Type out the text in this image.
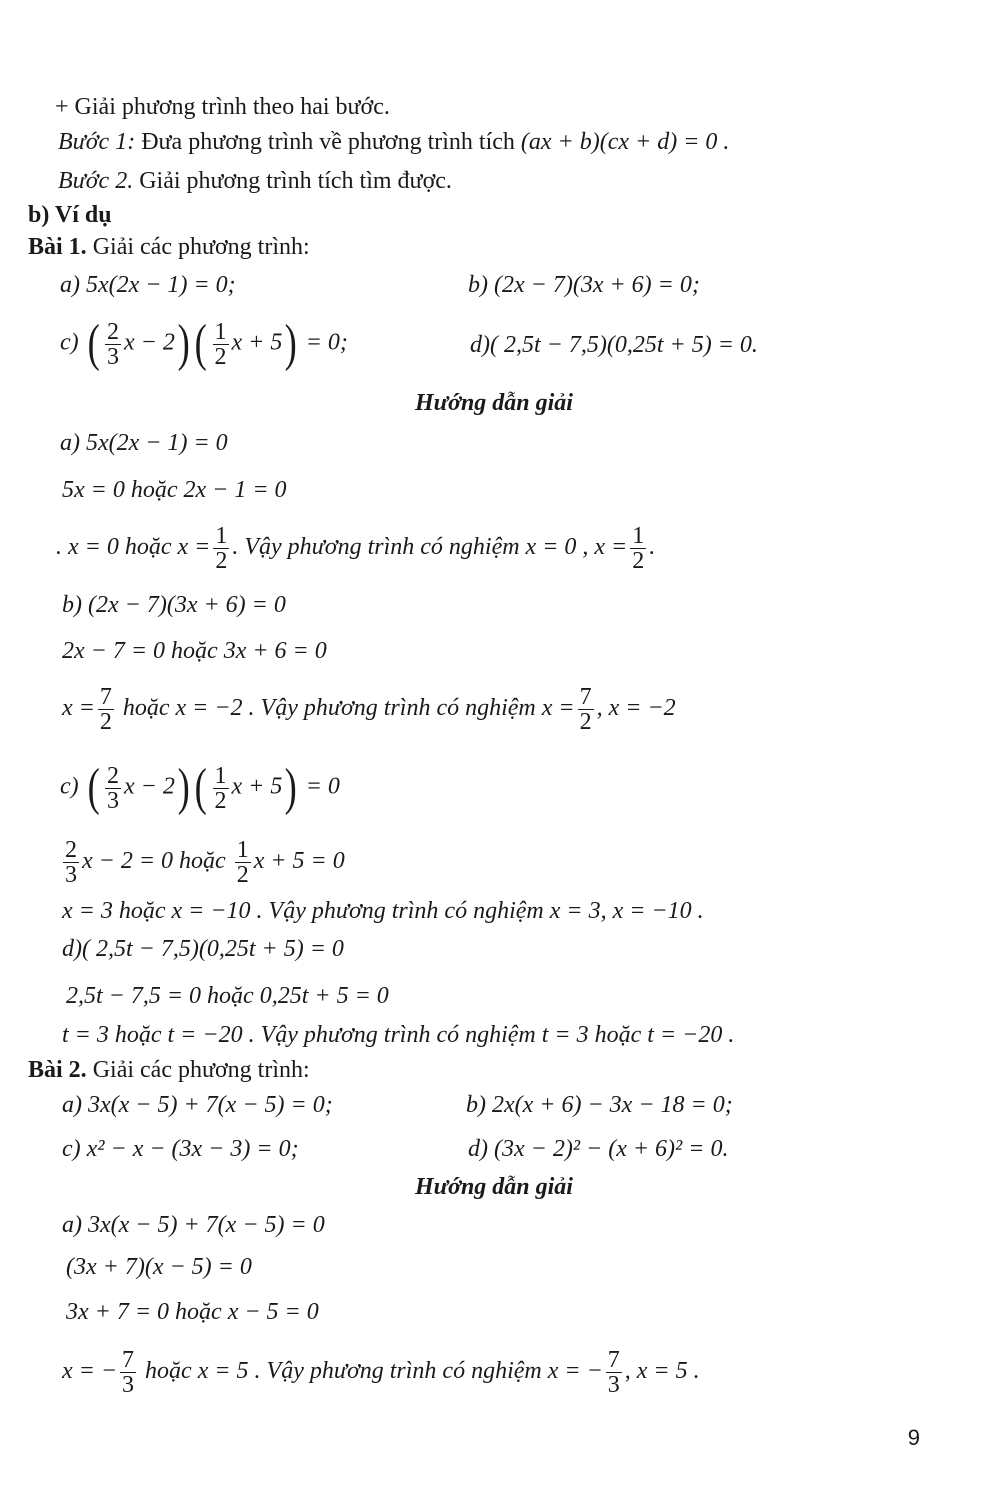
+ Giải phương trình theo hai bước.
Bước 1: Đưa phương trình về phương trình tích (ax + b)(cx + d) = 0 .
Bước 2. Giải phương trình tích tìm được.
b) Ví dụ
Bài 1. Giải các phương trình:
a) 5x(2x − 1) = 0;	b) (2x − 7)(3x + 6) = 0;
c) ( $\frac{2}{3}$ $x - 2)( \frac{1}{2}$ x + 5) = 0;	d)( 2,5t − 7,5)(0,25t + 5) = 0.
Hướng dẫn giải
a) 5x(2x − 1) = 0
5x = 0 hoặc 2x − 1 = 0
. x = 0 hoặc $x = \frac{1}{2}$ . Vậy phương trình có nghiệm x = 0 , $x = \frac{1}{2}$ .
b) (2x − 7)(3x + 6) = 0
2x − 7 = 0 hoặc 3x + 6 = 0
$x = \frac{7}{2}$ hoặc x = −2 . Vậy phương trình có nghiệm $x = \frac{7}{2}$ , x = −2
c) ( $\frac{2}{3}$ $x - 2)( \frac{1}{2}$ x + 5) = 0
$\frac{2}{3}$ x − 2 = 0 hoặc $\frac{1}{2}$ x + 5 = 0
x = 3 hoặc x = −10 . Vậy phương trình có nghiệm x = 3, x = −10 .
d)( 2,5t − 7,5)(0,25t + 5) = 0
2,5t − 7,5 = 0 hoặc 0,25t + 5 = 0
t = 3 hoặc t = −20 . Vậy phương trình có nghiệm t = 3 hoặc t = −20 .
Bài 2. Giải các phương trình:
a) 3x(x − 5) + 7(x − 5) = 0;	b) 2x(x + 6) − 3x − 18 = 0;
c) x² − x − (3x − 3) = 0;	d) (3x − 2)² − (x + 6)² = 0.
Hướng dẫn giải
a) 3x(x − 5) + 7(x − 5) = 0
(3x + 7)(x − 5) = 0
3x + 7 = 0 hoặc x − 5 = 0
x = − $\frac{7}{3}$ hoặc x = 5 . Vậy phương trình có nghiệm x = − $\frac{7}{3}$ , x = 5 .
9
